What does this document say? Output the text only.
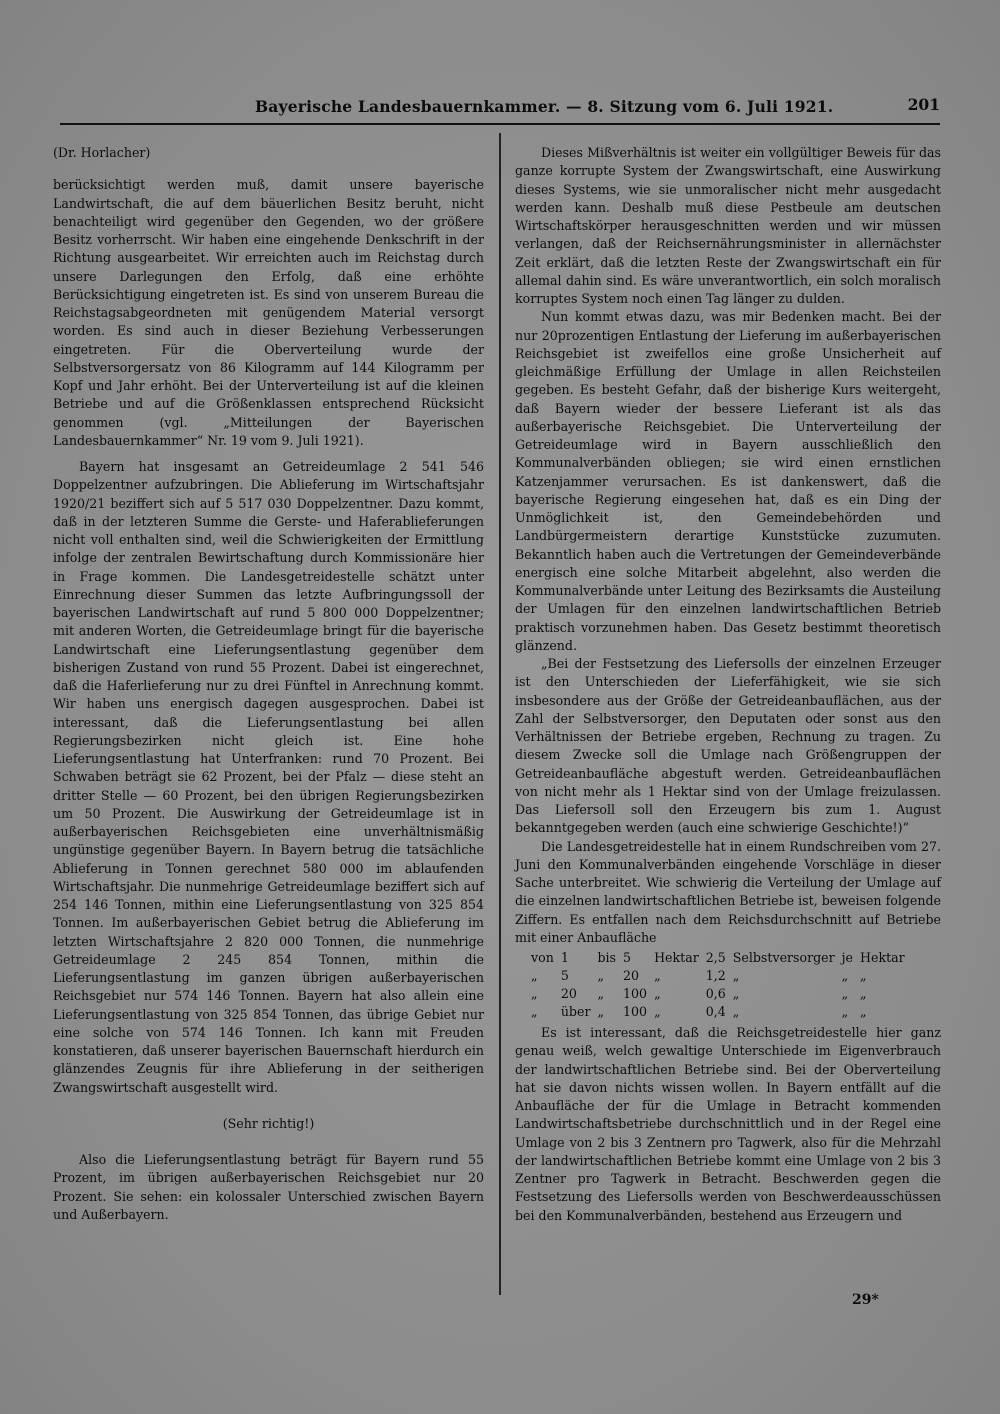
Bayerische Landesbauernkammer. — 8. Sitzung vom 6. Juli 1921.	201

(Dr. Horlacher)

berücksichtigt werden muß, damit unsere bayerische Landwirtschaft, die auf dem bäuerlichen Besitz beruht, nicht benachteiligt wird gegenüber den Gegenden, wo der größere Besitz vorherrscht. Wir haben eine eingehende Denkschrift in der Richtung ausgearbeitet. Wir erreichten auch im Reichstag durch unsere Darlegungen den Erfolg, daß eine erhöhte Berücksichtigung eingetreten ist. Es sind von unserem Bureau die Reichstagsabgeordneten mit genügendem Material versorgt worden. Es sind auch in dieser Beziehung Verbesserungen eingetreten. Für die Oberverteilung wurde der Selbstversorgersatz von 86 Kilogramm auf 144 Kilogramm per Kopf und Jahr erhöht. Bei der Unterverteilung ist auf die kleinen Betriebe und auf die Größenklassen entsprechend Rücksicht genommen (vgl. „Mitteilungen der Bayerischen Landesbauernkammer“ Nr. 19 vom 9. Juli 1921).

Bayern hat insgesamt an Getreideumlage 2 541 546 Doppelzentner aufzubringen. Die Ablieferung im Wirtschaftsjahr 1920/21 beziffert sich auf 5 517 030 Doppelzentner. Dazu kommt, daß in der letzteren Summe die Gerste- und Haferablieferungen nicht voll enthalten sind, weil die Schwierigkeiten der Ermittlung infolge der zentralen Bewirtschaftung durch Kommissionäre hier in Frage kommen. Die Landesgetreidestelle schätzt unter Einrechnung dieser Summen das letzte Aufbringungssoll der bayerischen Landwirtschaft auf rund 5 800 000 Doppelzentner; mit anderen Worten, die Getreideumlage bringt für die bayerische Landwirtschaft eine Lieferungsentlastung gegenüber dem bisherigen Zustand von rund 55 Prozent. Dabei ist eingerechnet, daß die Haferlieferung nur zu drei Fünftel in Anrechnung kommt. Wir haben uns energisch dagegen ausgesprochen. Dabei ist interessant, daß die Lieferungsentlastung bei allen Regierungsbezirken nicht gleich ist. Eine hohe Lieferungsentlastung hat Unterfranken: rund 70 Prozent. Bei Schwaben beträgt sie 62 Prozent, bei der Pfalz — diese steht an dritter Stelle — 60 Prozent, bei den übrigen Regierungsbezirken um 50 Prozent. Die Auswirkung der Getreideumlage ist in außerbayerischen Reichsgebieten eine unverhältnismäßig ungünstige gegenüber Bayern. In Bayern betrug die tatsächliche Ablieferung in Tonnen gerechnet 580 000 im ablaufenden Wirtschaftsjahr. Die nunmehrige Getreideumlage beziffert sich auf 254 146 Tonnen, mithin eine Lieferungsentlastung von 325 854 Tonnen. Im außerbayerischen Gebiet betrug die Ablieferung im letzten Wirtschaftsjahre 2 820 000 Tonnen, die nunmehrige Getreideumlage 2 245 854 Tonnen, mithin die Lieferungsentlastung im ganzen übrigen außerbayerischen Reichsgebiet nur 574 146 Tonnen. Bayern hat also allein eine Lieferungsentlastung von 325 854 Tonnen, das übrige Gebiet nur eine solche von 574 146 Tonnen. Ich kann mit Freuden konstatieren, daß unserer bayerischen Bauernschaft hierdurch ein glänzendes Zeugnis für ihre Ablieferung in der seitherigen Zwangswirtschaft ausgestellt wird.

(Sehr richtig!)

Also die Lieferungsentlastung beträgt für Bayern rund 55 Prozent, im übrigen außerbayerischen Reichsgebiet nur 20 Prozent. Sie sehen: ein kolossaler Unterschied zwischen Bayern und Außerbayern.

Dieses Mißverhältnis ist weiter ein vollgültiger Beweis für das ganze korrupte System der Zwangswirtschaft, eine Auswirkung dieses Systems, wie sie unmoralischer nicht mehr ausgedacht werden kann. Deshalb muß diese Pestbeule am deutschen Wirtschaftskörper herausgeschnitten werden und wir müssen verlangen, daß der Reichsernährungsminister in allernächster Zeit erklärt, daß die letzten Reste der Zwangswirtschaft ein für allemal dahin sind. Es wäre unverantwortlich, ein solch moralisch korruptes System noch einen Tag länger zu dulden.

Nun kommt etwas dazu, was mir Bedenken macht. Bei der nur 20prozentigen Entlastung der Lieferung im außerbayerischen Reichsgebiet ist zweifellos eine große Unsicherheit auf gleichmäßige Erfüllung der Umlage in allen Reichsteilen gegeben. Es besteht Gefahr, daß der bisherige Kurs weitergeht, daß Bayern wieder der bessere Lieferant ist als das außerbayerische Reichsgebiet. Die Unterverteilung der Getreideumlage wird in Bayern ausschließlich den Kommunalverbänden obliegen; sie wird einen ernstlichen Katzenjammer verursachen. Es ist dankenswert, daß die bayerische Regierung eingesehen hat, daß es ein Ding der Unmöglichkeit ist, den Gemeindebehörden und Landbürgermeistern derartige Kunststücke zuzumuten. Bekanntlich haben auch die Vertretungen der Gemeindeverbände energisch eine solche Mitarbeit abgelehnt, also werden die Kommunalverbände unter Leitung des Bezirksamts die Austeilung der Umlagen für den einzelnen landwirtschaftlichen Betrieb praktisch vorzunehmen haben. Das Gesetz bestimmt theoretisch glänzend.

„Bei der Festsetzung des Liefersolls der einzelnen Erzeuger ist den Unterschieden der Lieferfähigkeit, wie sie sich insbesondere aus der Größe der Getreideanbauflächen, aus der Zahl der Selbstversorger, den Deputaten oder sonst aus den Verhältnissen der Betriebe ergeben, Rechnung zu tragen. Zu diesem Zwecke soll die Umlage nach Größengruppen der Getreideanbaufläche abgestuft werden. Getreideanbauflächen von nicht mehr als 1 Hektar sind von der Umlage freizulassen. Das Liefersoll soll den Erzeugern bis zum 1. August bekanntgegeben werden (auch eine schwierige Geschichte!)“

Die Landesgetreidestelle hat in einem Rundschreiben vom 27. Juni den Kommunalverbänden eingehende Vorschläge in dieser Sache unterbreitet. Wie schwierig die Verteilung der Umlage auf die einzelnen landwirtschaftlichen Betriebe ist, beweisen folgende Ziffern. Es entfallen nach dem Reichsdurchschnitt auf Betriebe mit einer Anbaufläche

von	1	bis	5	Hektar	2,5	Selbstversorger	je	Hektar
„	5	„	20	„	1,2	„	„	„
„	20	„	100	„	0,6	„	„	„
„	über	„	100	„	0,4	„	„	„

Es ist interessant, daß die Reichsgetreidestelle hier ganz genau weiß, welch gewaltige Unterschiede im Eigenverbrauch der landwirtschaftlichen Betriebe sind. Bei der Oberverteilung hat sie davon nichts wissen wollen. In Bayern entfällt auf die Anbaufläche der für die Umlage in Betracht kommenden Landwirtschaftsbetriebe durchschnittlich und in der Regel eine Umlage von 2 bis 3 Zentnern pro Tagwerk, also für die Mehrzahl der landwirtschaftlichen Betriebe kommt eine Umlage von 2 bis 3 Zentner pro Tagwerk in Betracht. Beschwerden gegen die Festsetzung des Liefersolls werden von Beschwerdeausschüssen bei den Kommunalverbänden, bestehend aus Erzeugern und

29*
